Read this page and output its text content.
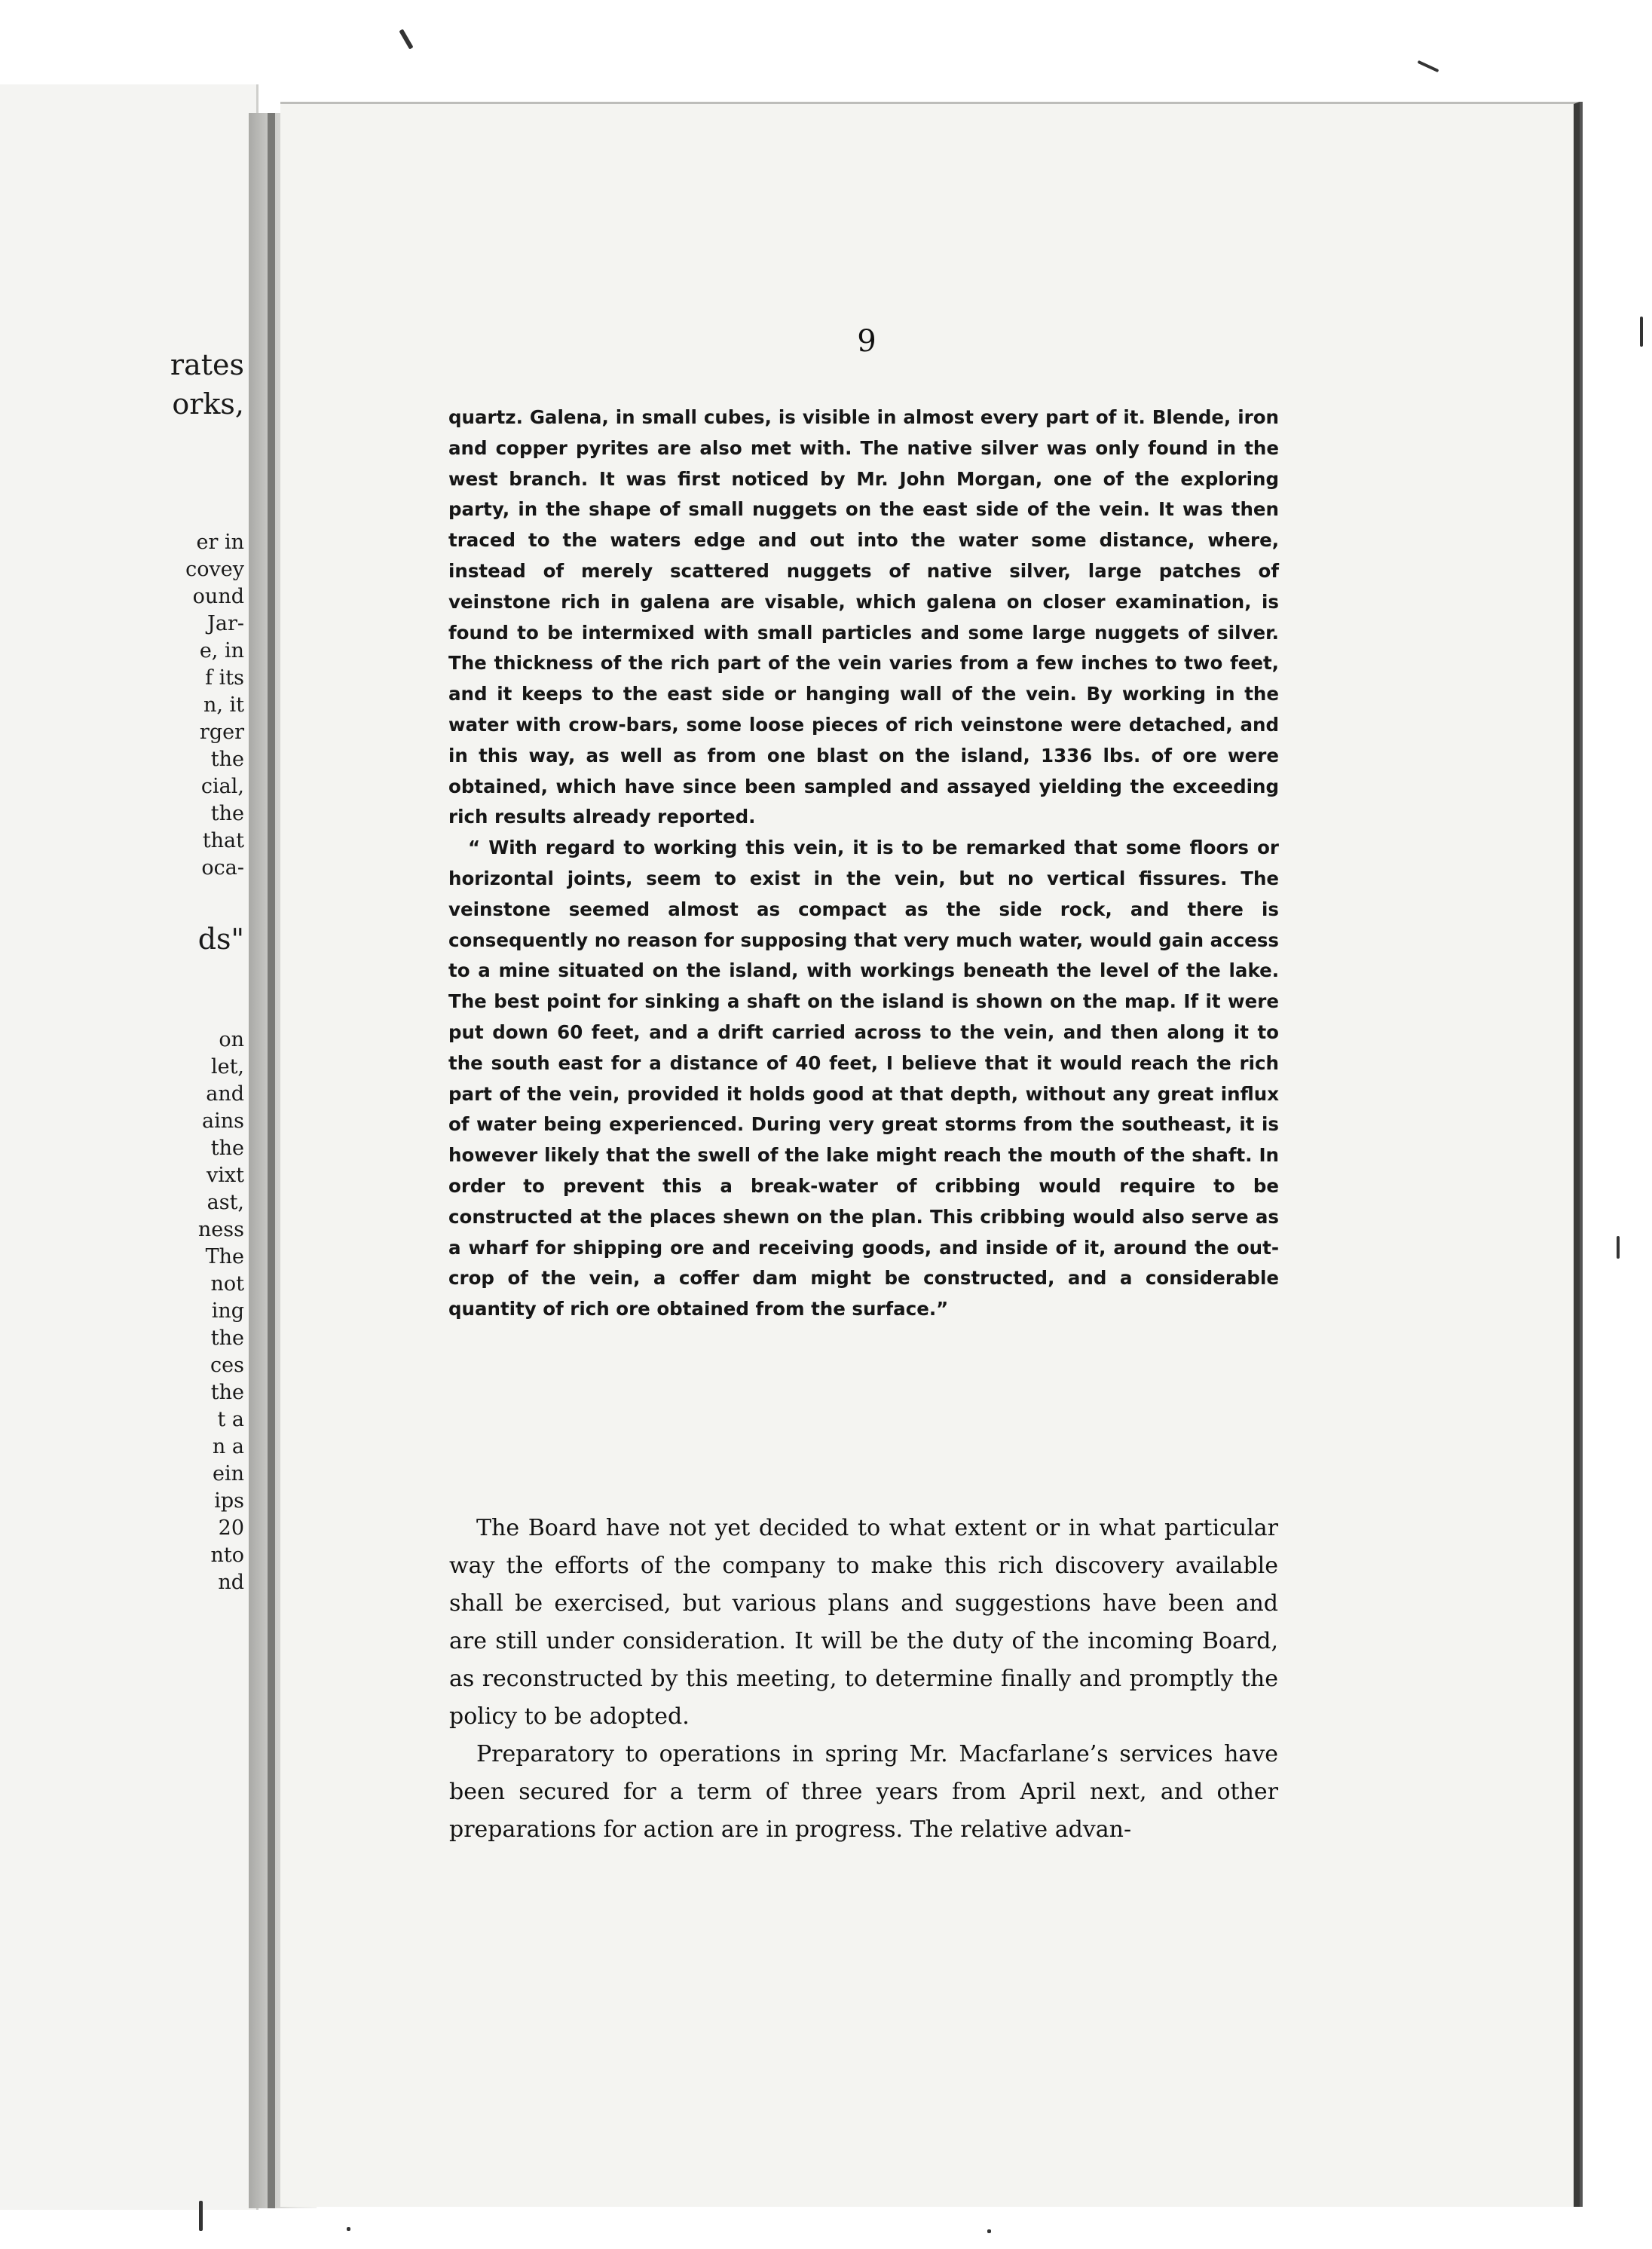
rates
orks,
er in
covey
ound
Jar-
e, in
f its
n, it
rger
the
cial,
the
that
oca-
ds"
on
let,
and
ains
the
vixt
ast,
ness
The
not
ing
the
ces
the
t a
n a
ein
ips
20
nto
nd
9

quartz. Galena, in small cubes, is visible in almost every part of it. Blende, iron and copper pyrites are also met with. The native silver was only found in the west branch. It was first noticed by Mr. John Morgan, one of the exploring party, in the shape of small nuggets on the east side of the vein. It was then traced to the waters edge and out into the water some distance, where, instead of merely scattered nuggets of native silver, large patches of veinstone rich in galena are visable, which galena on closer examination, is found to be intermixed with small particles and some large nuggets of silver. The thickness of the rich part of the vein varies from a few inches to two feet, and it keeps to the east side or hanging wall of the vein. By working in the water with crow-bars, some loose pieces of rich veinstone were detached, and in this way, as well as from one blast on the island, 1336 lbs. of ore were obtained, which have since been sampled and assayed yielding the exceeding rich results already reported.

“ With regard to working this vein, it is to be remarked that some floors or horizontal joints, seem to exist in the vein, but no vertical fissures. The veinstone seemed almost as compact as the side rock, and there is consequently no reason for supposing that very much water, would gain access to a mine situated on the island, with workings beneath the level of the lake. The best point for sinking a shaft on the island is shown on the map. If it were put down 60 feet, and a drift carried across to the vein, and then along it to the south east for a distance of 40 feet, I believe that it would reach the rich part of the vein, provided it holds good at that depth, without any great influx of water being experienced. During very great storms from the southeast, it is however likely that the swell of the lake might reach the mouth of the shaft. In order to prevent this a break-water of cribbing would require to be constructed at the places shewn on the plan. This cribbing would also serve as a wharf for shipping ore and receiving goods, and inside of it, around the out-crop of the vein, a coffer dam might be constructed, and a considerable quantity of rich ore obtained from the surface.”

The Board have not yet decided to what extent or in what particular way the efforts of the company to make this rich discovery available shall be exercised, but various plans and suggestions have been and are still under consideration. It will be the duty of the incoming Board, as reconstructed by this meeting, to determine finally and promptly the policy to be adopted.

Preparatory to operations in spring Mr. Macfarlane’s services have been secured for a term of three years from April next, and other preparations for action are in progress. The relative advan-
